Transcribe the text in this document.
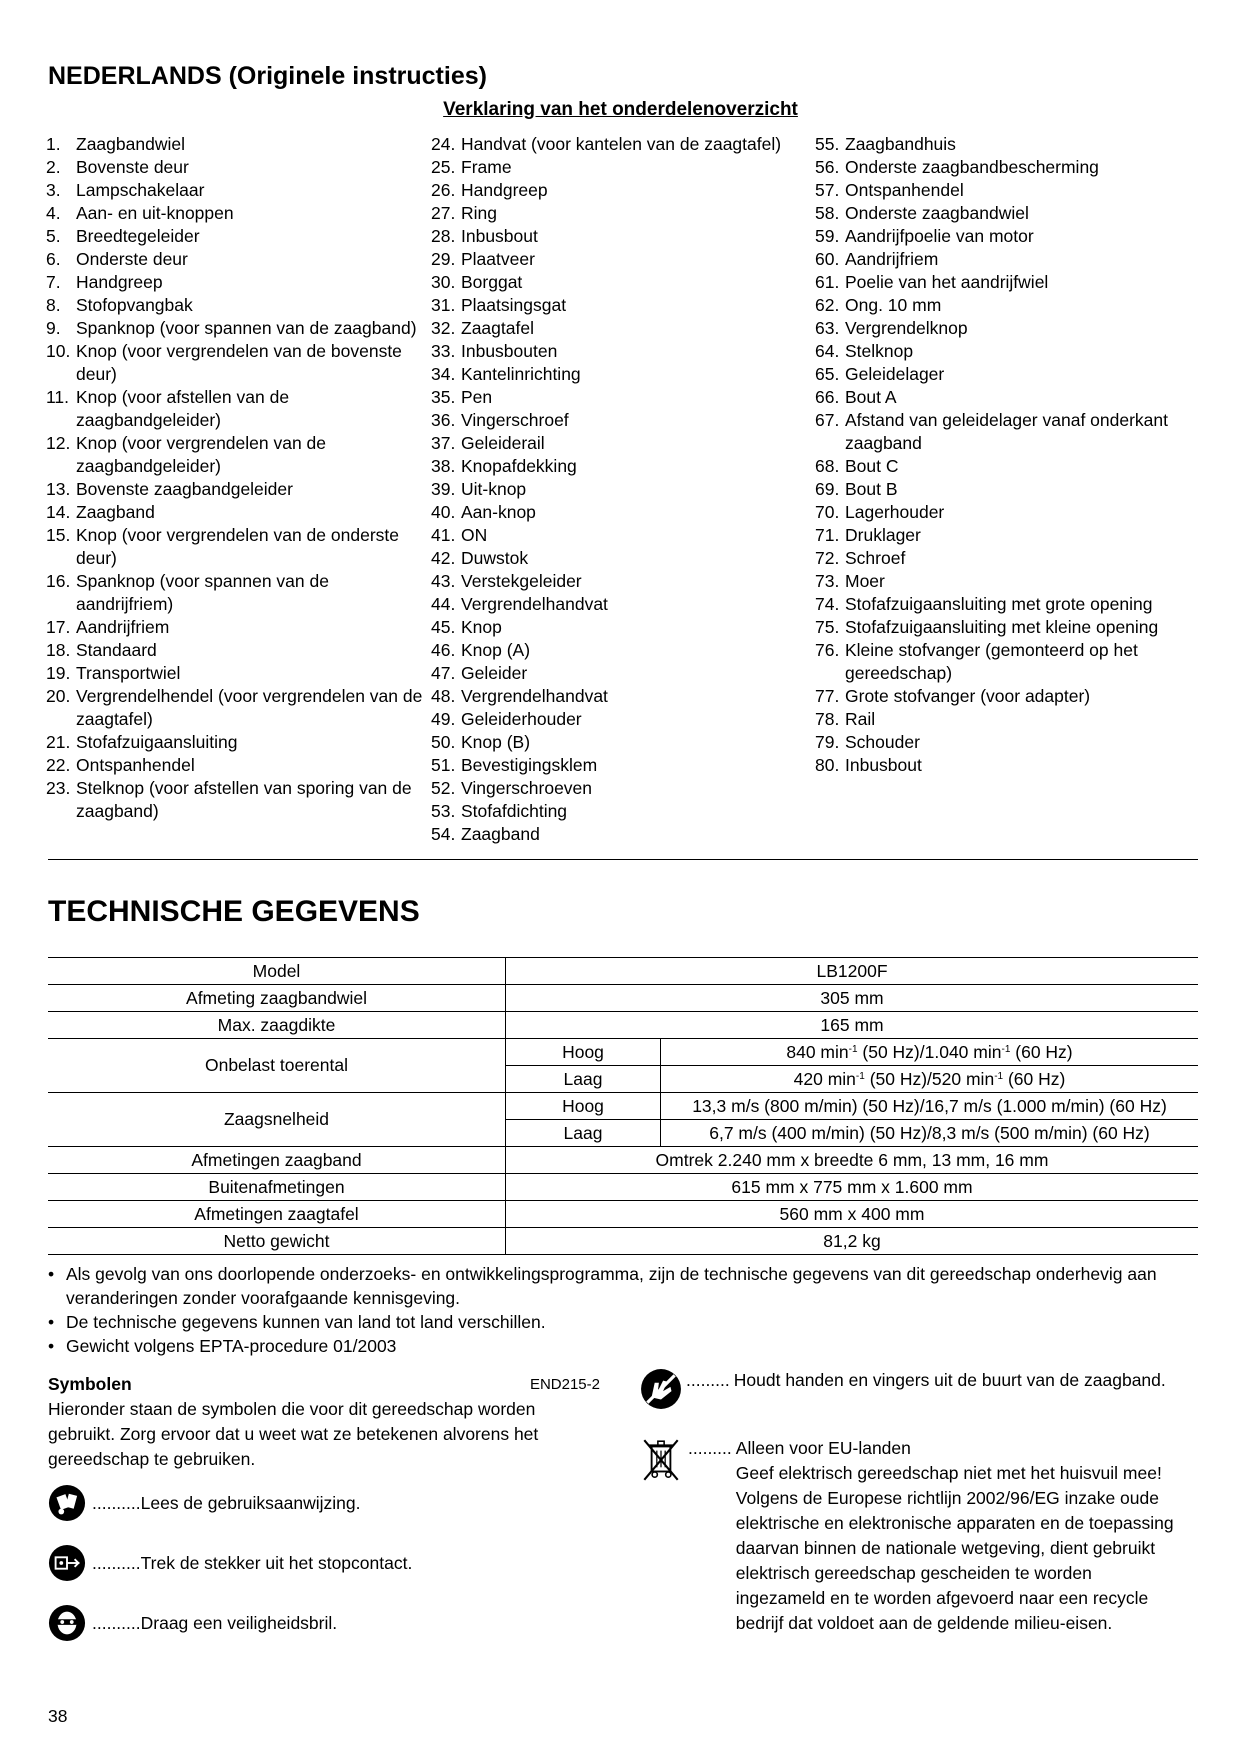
NEDERLANDS (Originele instructies)
Verklaring van het onderdelenoverzicht
1. Zaagbandwiel
2. Bovenste deur
3. Lampschakelaar
4. Aan- en uit-knoppen
5. Breedtegeleider
6. Onderste deur
7. Handgreep
8. Stofopvangbak
9. Spanknop (voor spannen van de zaagband)
10. Knop (voor vergrendelen van de bovenste deur)
11. Knop (voor afstellen van de zaagbandgeleider)
12. Knop (voor vergrendelen van de zaagbandgeleider)
13. Bovenste zaagbandgeleider
14. Zaagband
15. Knop (voor vergrendelen van de onderste deur)
16. Spanknop (voor spannen van de aandrijfriem)
17. Aandrijfriem
18. Standaard
19. Transportwiel
20. Vergrendelhendel (voor vergrendelen van de zaagtafel)
21. Stofafzuigaansluiting
22. Ontspanhendel
23. Stelknop (voor afstellen van sporing van de zaagband)
24. Handvat (voor kantelen van de zaagtafel)
25. Frame
26. Handgreep
27. Ring
28. Inbusbout
29. Plaatveer
30. Borggat
31. Plaatsingsgat
32. Zaagtafel
33. Inbusbouten
34. Kantelinrichting
35. Pen
36. Vingerschroef
37. Geleiderail
38. Knopafdekking
39. Uit-knop
40. Aan-knop
41. ON
42. Duwstok
43. Verstekgeleider
44. Vergrendelhandvat
45. Knop
46. Knop (A)
47. Geleider
48. Vergrendelhandvat
49. Geleiderhouder
50. Knop (B)
51. Bevestigingsklem
52. Vingerschroeven
53. Stofafdichting
54. Zaagband
55. Zaagbandhuis
56. Onderste zaagbandbescherming
57. Ontspanhendel
58. Onderste zaagbandwiel
59. Aandrijfpoelie van motor
60. Aandrijfriem
61. Poelie van het aandrijfwiel
62. Ong. 10 mm
63. Vergrendelknop
64. Stelknop
65. Geleidelager
66. Bout A
67. Afstand van geleidelager vanaf onderkant zaagband
68. Bout C
69. Bout B
70. Lagerhouder
71. Druklager
72. Schroef
73. Moer
74. Stofafzuigaansluiting met grote opening
75. Stofafzuigaansluiting met kleine opening
76. Kleine stofvanger (gemonteerd op het gereedschap)
77. Grote stofvanger (voor adapter)
78. Rail
79. Schouder
80. Inbusbout
TECHNISCHE GEGEVENS
Model	LB1200F	
Afmeting zaagbandwiel	305 mm	
Max. zaagdikte	165 mm	
Onbelast toerental	Hoog	840 $\min^{-1} (50$ Hz)/1.040 $\min^{-1} (60$ Hz)
	Laag	420 $\min^{-1} (50$ Hz)/520 $\min^{-1} (60$ Hz)
Zaagsnelheid	Hoog	13,3 m/s (800 m/min) (50 Hz)/16,7 m/s (1.000 m/min) (60 Hz)
	Laag	6,7 m/s (400 m/min) (50 Hz)/8,3 m/s (500 m/min) (60 Hz)
Afmetingen zaagband	Omtrek 2.240 mm x breedte 6 mm, 13 mm, 16 mm	
Buitenafmetingen	615 mm x 775 mm x 1.600 mm	
Afmetingen zaagtafel	560 mm x 400 mm	
Netto gewicht	81,2 kg	
• Als gevolg van ons doorlopende onderzoeks- en ontwikkelingsprogramma, zijn de technische gegevens van dit gereedschap onderhevig aan veranderingen zonder voorafgaande kennisgeving.
• De technische gegevens kunnen van land tot land verschillen.
• Gewicht volgens EPTA-procedure 01/2003
Symbolen	END215-2
Hieronder staan de symbolen die voor dit gereedschap worden gebruikt. Zorg ervoor dat u weet wat ze betekenen alvorens het gereedschap te gebruiken.
.......... Lees de gebruiksaanwijzing.
.......... Trek de stekker uit het stopcontact.
.......... Draag een veiligheidsbril.
......... Houdt handen en vingers uit de buurt van de zaagband.
......... Alleen voor EU-landen
Geef elektrisch gereedschap niet met het huisvuil mee!
Volgens de Europese richtlijn 2002/96/EG inzake oude elektrische en elektronische apparaten en de toepassing daarvan binnen de nationale wetgeving, dient gebruikt elektrisch gereedschap gescheiden te worden ingezameld en te worden afgevoerd naar een recycle bedrijf dat voldoet aan de geldende milieu-eisen.
38
